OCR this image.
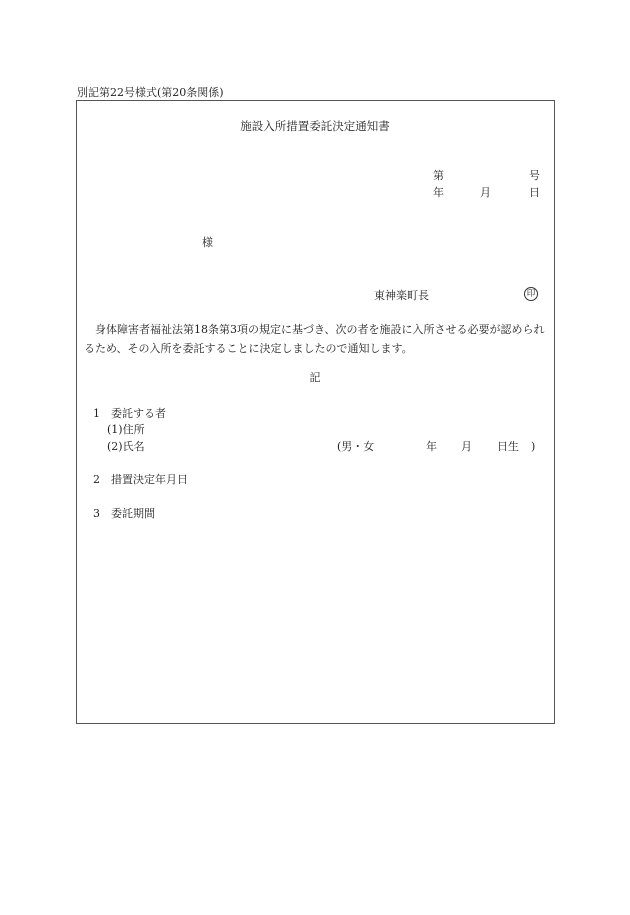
別記第22号様式(第20条関係)
施設入所措置委託決定通知書
第	号
年	月	日
様
東神楽町長	印
身体障害者福祉法第18条第3項の規定に基づき、次の者を施設に入所させる必要が認められるため、その入所を委託することに決定しましたので通知します。
記
1 委託する者
(1)住所
(2)氏名	(男・女	年 月 日生 )
2 措置決定年月日
3 委託期間
